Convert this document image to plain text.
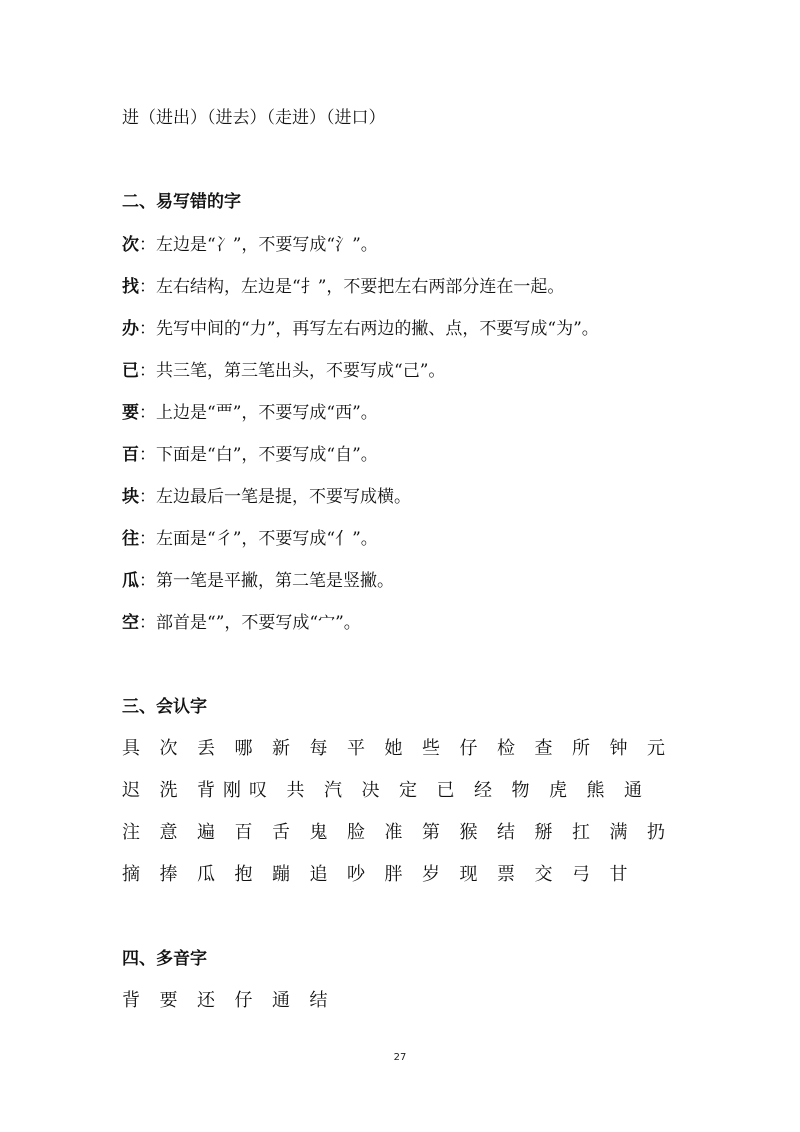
进（进出）（进去）（走进）（进口）
二、易写错的字
次：左边是“冫”，不要写成“氵”。
找：左右结构，左边是“扌”，不要把左右两部分连在一起。
办：先写中间的“力”，再写左右两边的撇、点，不要写成“为”。
已：共三笔，第三笔出头，不要写成“己”。
要：上边是“覀”，不要写成“西”。
百：下面是“白”，不要写成“自”。
块：左边最后一笔是提，不要写成横。
往：左面是“彳”，不要写成“亻”。
瓜：第一笔是平撇，第二笔是竖撇。
空：部首是“”，不要写成“宀”。
三、会认字
具	次	丢	哪	新	每	平	她	些	仔	检	查	所	钟	元
迟	洗	背 刚 叹	共	汽	决	定	已	经	物	虎	熊	通
注	意	遍	百	舌	鬼	脸	准	第	猴	结	掰	扛	满	扔
摘	捧	瓜	抱	蹦	追	吵	胖	岁	现	票	交	弓	甘
四、多音字
背	要	还	仔	通	结
27
